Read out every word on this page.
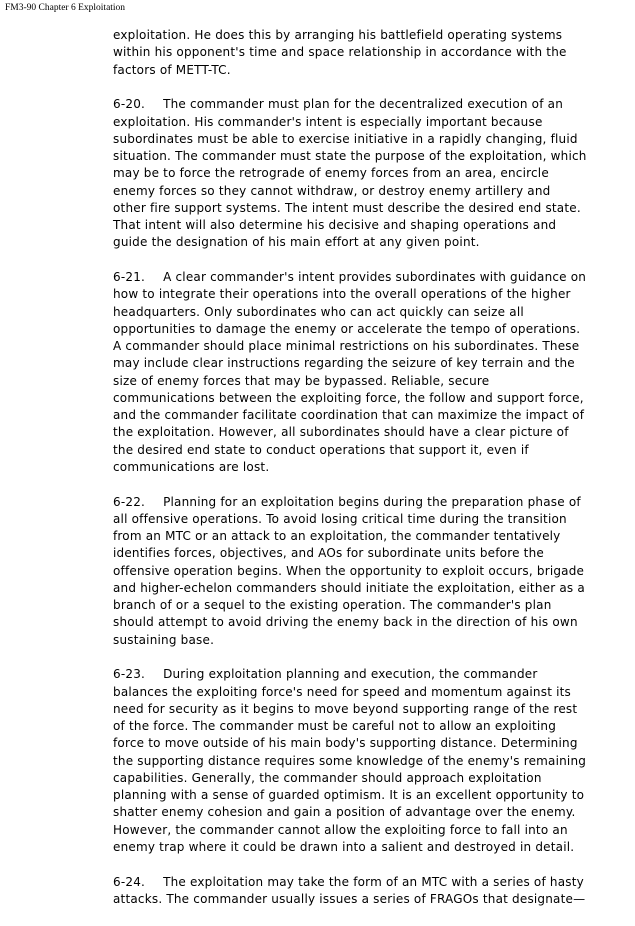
FM3-90 Chapter 6 Exploitation

exploitation. He does this by arranging his battlefield operating systems
within his opponent's time and space relationship in accordance with the
factors of METT-TC.

6-20. The commander must plan for the decentralized execution of an
exploitation. His commander's intent is especially important because
subordinates must be able to exercise initiative in a rapidly changing, fluid
situation. The commander must state the purpose of the exploitation, which
may be to force the retrograde of enemy forces from an area, encircle
enemy forces so they cannot withdraw, or destroy enemy artillery and
other fire support systems. The intent must describe the desired end state.
That intent will also determine his decisive and shaping operations and
guide the designation of his main effort at any given point.

6-21. A clear commander's intent provides subordinates with guidance on
how to integrate their operations into the overall operations of the higher
headquarters. Only subordinates who can act quickly can seize all
opportunities to damage the enemy or accelerate the tempo of operations.
A commander should place minimal restrictions on his subordinates. These
may include clear instructions regarding the seizure of key terrain and the
size of enemy forces that may be bypassed. Reliable, secure
communications between the exploiting force, the follow and support force,
and the commander facilitate coordination that can maximize the impact of
the exploitation. However, all subordinates should have a clear picture of
the desired end state to conduct operations that support it, even if
communications are lost.

6-22. Planning for an exploitation begins during the preparation phase of
all offensive operations. To avoid losing critical time during the transition
from an MTC or an attack to an exploitation, the commander tentatively
identifies forces, objectives, and AOs for subordinate units before the
offensive operation begins. When the opportunity to exploit occurs, brigade
and higher-echelon commanders should initiate the exploitation, either as a
branch of or a sequel to the existing operation. The commander's plan
should attempt to avoid driving the enemy back in the direction of his own
sustaining base.

6-23. During exploitation planning and execution, the commander
balances the exploiting force's need for speed and momentum against its
need for security as it begins to move beyond supporting range of the rest
of the force. The commander must be careful not to allow an exploiting
force to move outside of his main body's supporting distance. Determining
the supporting distance requires some knowledge of the enemy's remaining
capabilities. Generally, the commander should approach exploitation
planning with a sense of guarded optimism. It is an excellent opportunity to
shatter enemy cohesion and gain a position of advantage over the enemy.
However, the commander cannot allow the exploiting force to fall into an
enemy trap where it could be drawn into a salient and destroyed in detail.

6-24. The exploitation may take the form of an MTC with a series of hasty
attacks. The commander usually issues a series of FRAGOs that designate—
